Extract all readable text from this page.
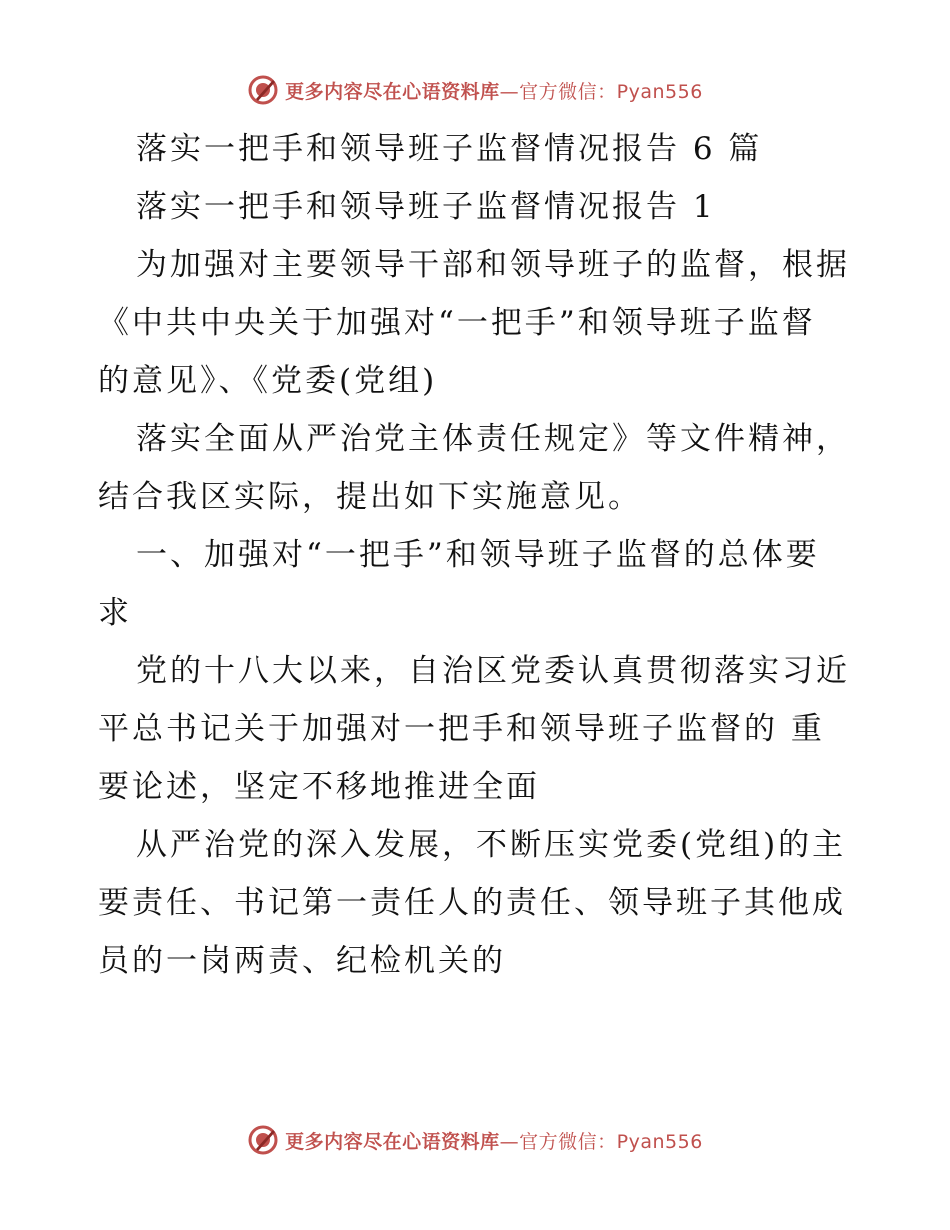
更多内容尽在心语资料库—官方微信：Pyan556
落实一把手和领导班子监督情况报告 6 篇
落实一把手和领导班子监督情况报告 1
为加强对主要领导干部和领导班子的监督，根据
《中共中央关于加强对“一把手”和领导班子监督
的意见》、《党委(党组)
落实全面从严治党主体责任规定》等文件精神，
结合我区实际，提出如下实施意见。
一、加强对“一把手”和领导班子监督的总体要
求
党的十八大以来，自治区党委认真贯彻落实习近
平总书记关于加强对一把手和领导班子监督的 重
要论述，坚定不移地推进全面
从严治党的深入发展，不断压实党委(党组)的主
要责任、书记第一责任人的责任、领导班子其他成
员的一岗两责、纪检机关的
更多内容尽在心语资料库—官方微信：Pyan556
